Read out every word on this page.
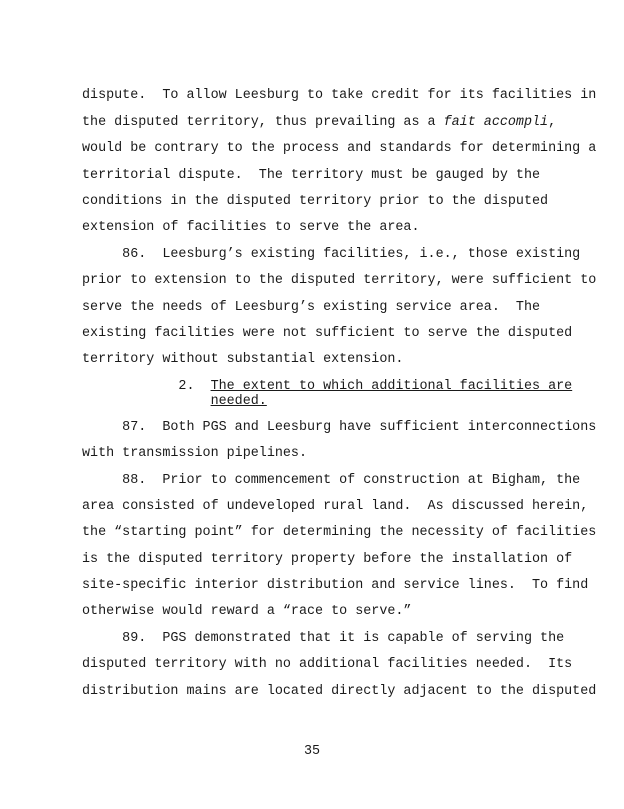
dispute.  To allow Leesburg to take credit for its facilities in
the disputed territory, thus prevailing as a fait accompli,
would be contrary to the process and standards for determining a
territorial dispute.  The territory must be gauged by the
conditions in the disputed territory prior to the disputed
extension of facilities to serve the area.
86.  Leesburg’s existing facilities, i.e., those existing
prior to extension to the disputed territory, were sufficient to
serve the needs of Leesburg’s existing service area.  The
existing facilities were not sufficient to serve the disputed
territory without substantial extension.
2.  The extent to which additional facilities are
needed.
87.  Both PGS and Leesburg have sufficient interconnections
with transmission pipelines.
88.  Prior to commencement of construction at Bigham, the
area consisted of undeveloped rural land.  As discussed herein,
the “starting point” for determining the necessity of facilities
is the disputed territory property before the installation of
site-specific interior distribution and service lines.  To find
otherwise would reward a “race to serve.”
89.  PGS demonstrated that it is capable of serving the
disputed territory with no additional facilities needed.  Its
distribution mains are located directly adjacent to the disputed
35
